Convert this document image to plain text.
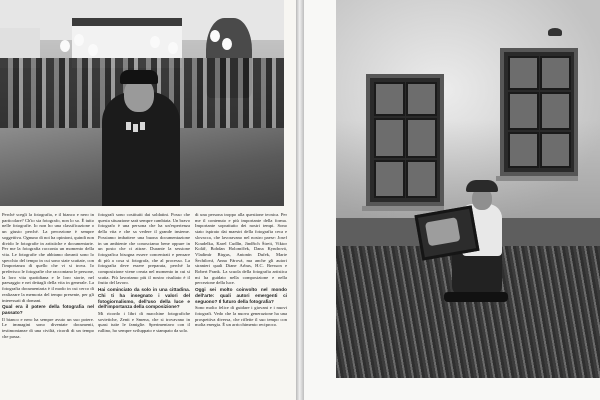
Perché scegli la fotografia, e il bianco e nero in particolare? Ch'io sia fotografo, non lo so. È tutto nelle fotografie. Io non ho una classificazione o un giusto perché. La percezione è sempre soggettiva. Ognuno di noi ha opinioni, quindi non divido le fotografie in artistiche e documentarie. Per me la fotografia racconta un momento della vita. Le fotografie che abbiamo davanti sono lo specchio del tempo in cui sono state scattate, con l'importanza di quello che vi si trova. Io preferisco le fotografie che raccontano le persone, la loro vita quotidiana e le loro storie, nel paesaggio e nei dettagli della vita in generale. La fotografia documentaria è il modo in cui cerco di realizzare la memoria del tempo presente, per gli interessati di domani.

Qual era il potere della fotografia nel passato?

Il bianco e nero ha sempre avuto un suo potere. Le immagini sono diventate documenti, testimonianze di una civiltà, ricordi di un tempo che passa.

fotografi sono costituiti dai soldatini. Posso che questa situazione sarà sempre cambiata. Un bravo fotografo è una persona che ha un'esperienza della vita e che sa vedere il grande insieme. Possiamo imbattere una buona documentazione in un ambiente che conosciamo bene oppure in un posto che ci attrae. Durante la sessione fotografica bisogna essere concentrati e pensare di più a cosa si fotografa, che al processo. La fotografia deve essere preparata, perché la composizione viene creata nel momento in cui si scatta. Più lavoriamo più il nostro risultato è il frutto del lavoro.

Hai cominciato da solo in una cittadina. Chi ti ha insegnato i valori del fotogiornalismo, dell'uso della luce e dell'importanza della composizione?

Mi ricordo i libri di macchine fotografiche sovietiche, Zenit e Smena, che si trovavano in quasi tutte le famiglie. Sperimentavo con il rullino, ho sempre sviluppato e stampato da solo.

di una persona troppo alla questione tecnica. Per me il contenuto e più importante della forma. Importante soprattutto dei nostri tempi. Sono stato ispirato dai maestri della fotografia ceca e slovacca, che lavoravano nel nostro paese: Josef Koudelka, Karel Cudlín, Jindřich Štreit, Viktor Kolář, Bohdan Holomíček, Dana Kyndrová, Vladimír Birgus, Antonín Dufek, Marie Šechtlová, Anna Fárová, ma anche gli autori stranieri quali Diane Arbus, H.C. Bresson e Robert Frank. La scuola della fotografia artistica mi ha guidato nella composizione e nella percezione della luce.

Oggi sei molto coinvolto nel mondo dell'arte: quali autori emergenti ci seguono? Il futuro della fotografia?

Sono molto felice di guidare i giovani e i nuovi fotografi. Vedo che la nuova generazione ha una prospettiva diversa, che riflette il suo tempo con molta energia. È un arricchimento reciproco.
